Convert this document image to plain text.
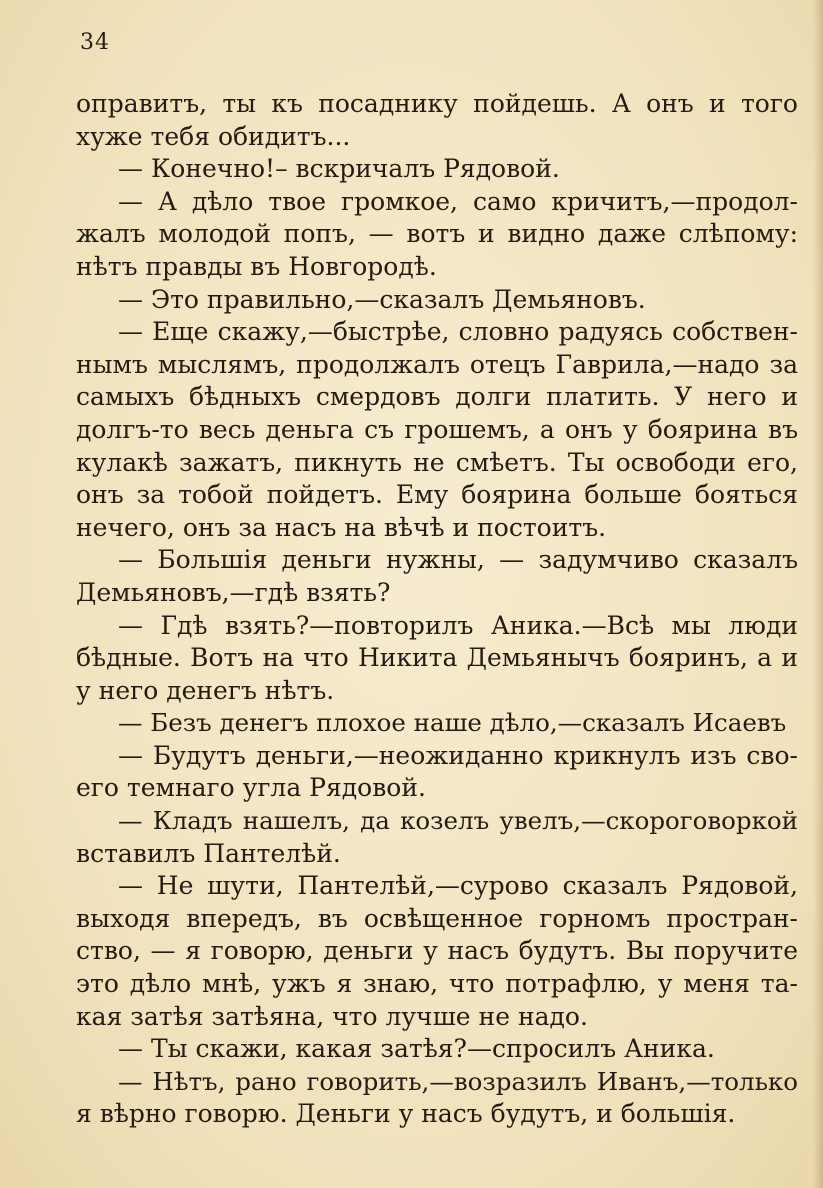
34
оправитъ, ты къ посаднику пойдешь. А онъ и того
хуже тебя обидитъ...
— Конечно!– вскричалъ Рядовой.
— А дѣло твое громкое, само кричитъ,—продол-
жалъ молодой попъ, — вотъ и видно даже слѣпому:
нѣтъ правды въ Новгородѣ.
— Это правильно,—сказалъ Демьяновъ.
— Еще скажу,—быстрѣе, словно радуясь собствен-
нымъ мыслямъ, продолжалъ отецъ Гаврила,—надо за
самыхъ бѣдныхъ смердовъ долги платить. У него и
долгъ-то весь деньга съ грошемъ, а онъ у боярина въ
кулакѣ зажатъ, пикнуть не смѣетъ. Ты освободи его,
онъ за тобой пойдетъ. Ему боярина больше бояться
нечего, онъ за насъ на вѣчѣ и постоитъ.
— Большія деньги нужны, — задумчиво сказалъ
Демьяновъ,—гдѣ взять?
— Гдѣ взять?—повторилъ Аника.—Всѣ мы люди
бѣдные. Вотъ на что Никита Демьянычъ бояринъ, а и
у него денегъ нѣтъ.
— Безъ денегъ плохое наше дѣло,—сказалъ Исаевъ
— Будутъ деньги,—неожиданно крикнулъ изъ сво-
его темнаго угла Рядовой.
— Кладъ нашелъ, да козелъ увелъ,—скороговоркой
вставилъ Пантелѣй.
— Не шути, Пантелѣй,—сурово сказалъ Рядовой,
выходя впередъ, въ освѣщенное горномъ простран-
ство, — я говорю, деньги у насъ будутъ. Вы поручите
это дѣло мнѣ, ужъ я знаю, что потрафлю, у меня та-
кая затѣя затѣяна, что лучше не надо.
— Ты скажи, какая затѣя?—спросилъ Аника.
— Нѣтъ, рано говорить,—возразилъ Иванъ,—только
я вѣрно говорю. Деньги у насъ будутъ, и большія.
